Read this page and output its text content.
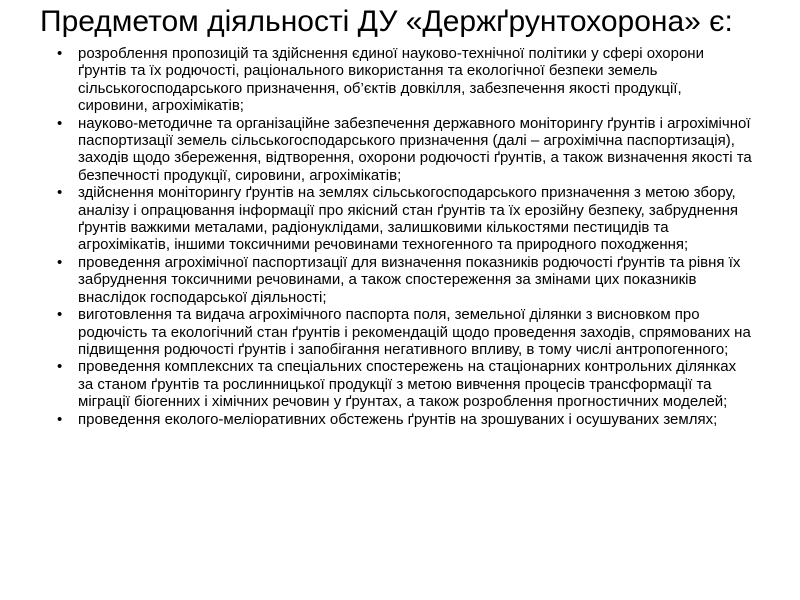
Предметом діяльності ДУ «Держґрунтохорона» є:
• розроблення пропозицій та здійснення єдиної науково-технічної політики у сфері охорони ґрунтів та їх родючості, раціонального використання та екологічної безпеки земель сільськогосподарського призначення, об’єктів довкілля, забезпечення якості продукції, сировини, агрохімікатів;
• науково-методичне та організаційне забезпечення державного моніторингу ґрунтів і агрохімічної паспортизації земель сільськогосподарського призначення (далі – агрохімічна паспортизація), заходів щодо збереження, відтворення, охорони родючості ґрунтів, а також визначення якості та безпечності продукції, сировини, агрохімікатів;
• здійснення моніторингу ґрунтів на землях сільськогосподарського призначення з метою збору, аналізу і опрацювання інформації про якісний стан ґрунтів та їх ерозійну безпеку, забруднення ґрунтів важкими металами, радіонуклідами, залишковими кількостями пестицидів та агрохімікатів, іншими токсичними речовинами техногенного та природного походження;
• проведення агрохімічної паспортизації для визначення показників родючості ґрунтів та рівня їх забруднення токсичними речовинами, а також спостереження за змінами цих показників внаслідок господарської діяльності;
• виготовлення та видача агрохімічного паспорта поля, земельної ділянки з висновком про родючість та екологічний стан ґрунтів і рекомендацій щодо проведення заходів, спрямованих на підвищення родючості ґрунтів і запобігання негативного впливу, в тому числі антропогенного;
• проведення комплексних та спеціальних спостережень на стаціонарних контрольних ділянках за станом ґрунтів та рослинницької продукції з метою вивчення процесів трансформації та міграції біогенних і хімічних речовин у ґрунтах, а також розроблення прогностичних моделей;
• проведення еколого-меліоративних обстежень ґрунтів на зрошуваних і осушуваних землях;
